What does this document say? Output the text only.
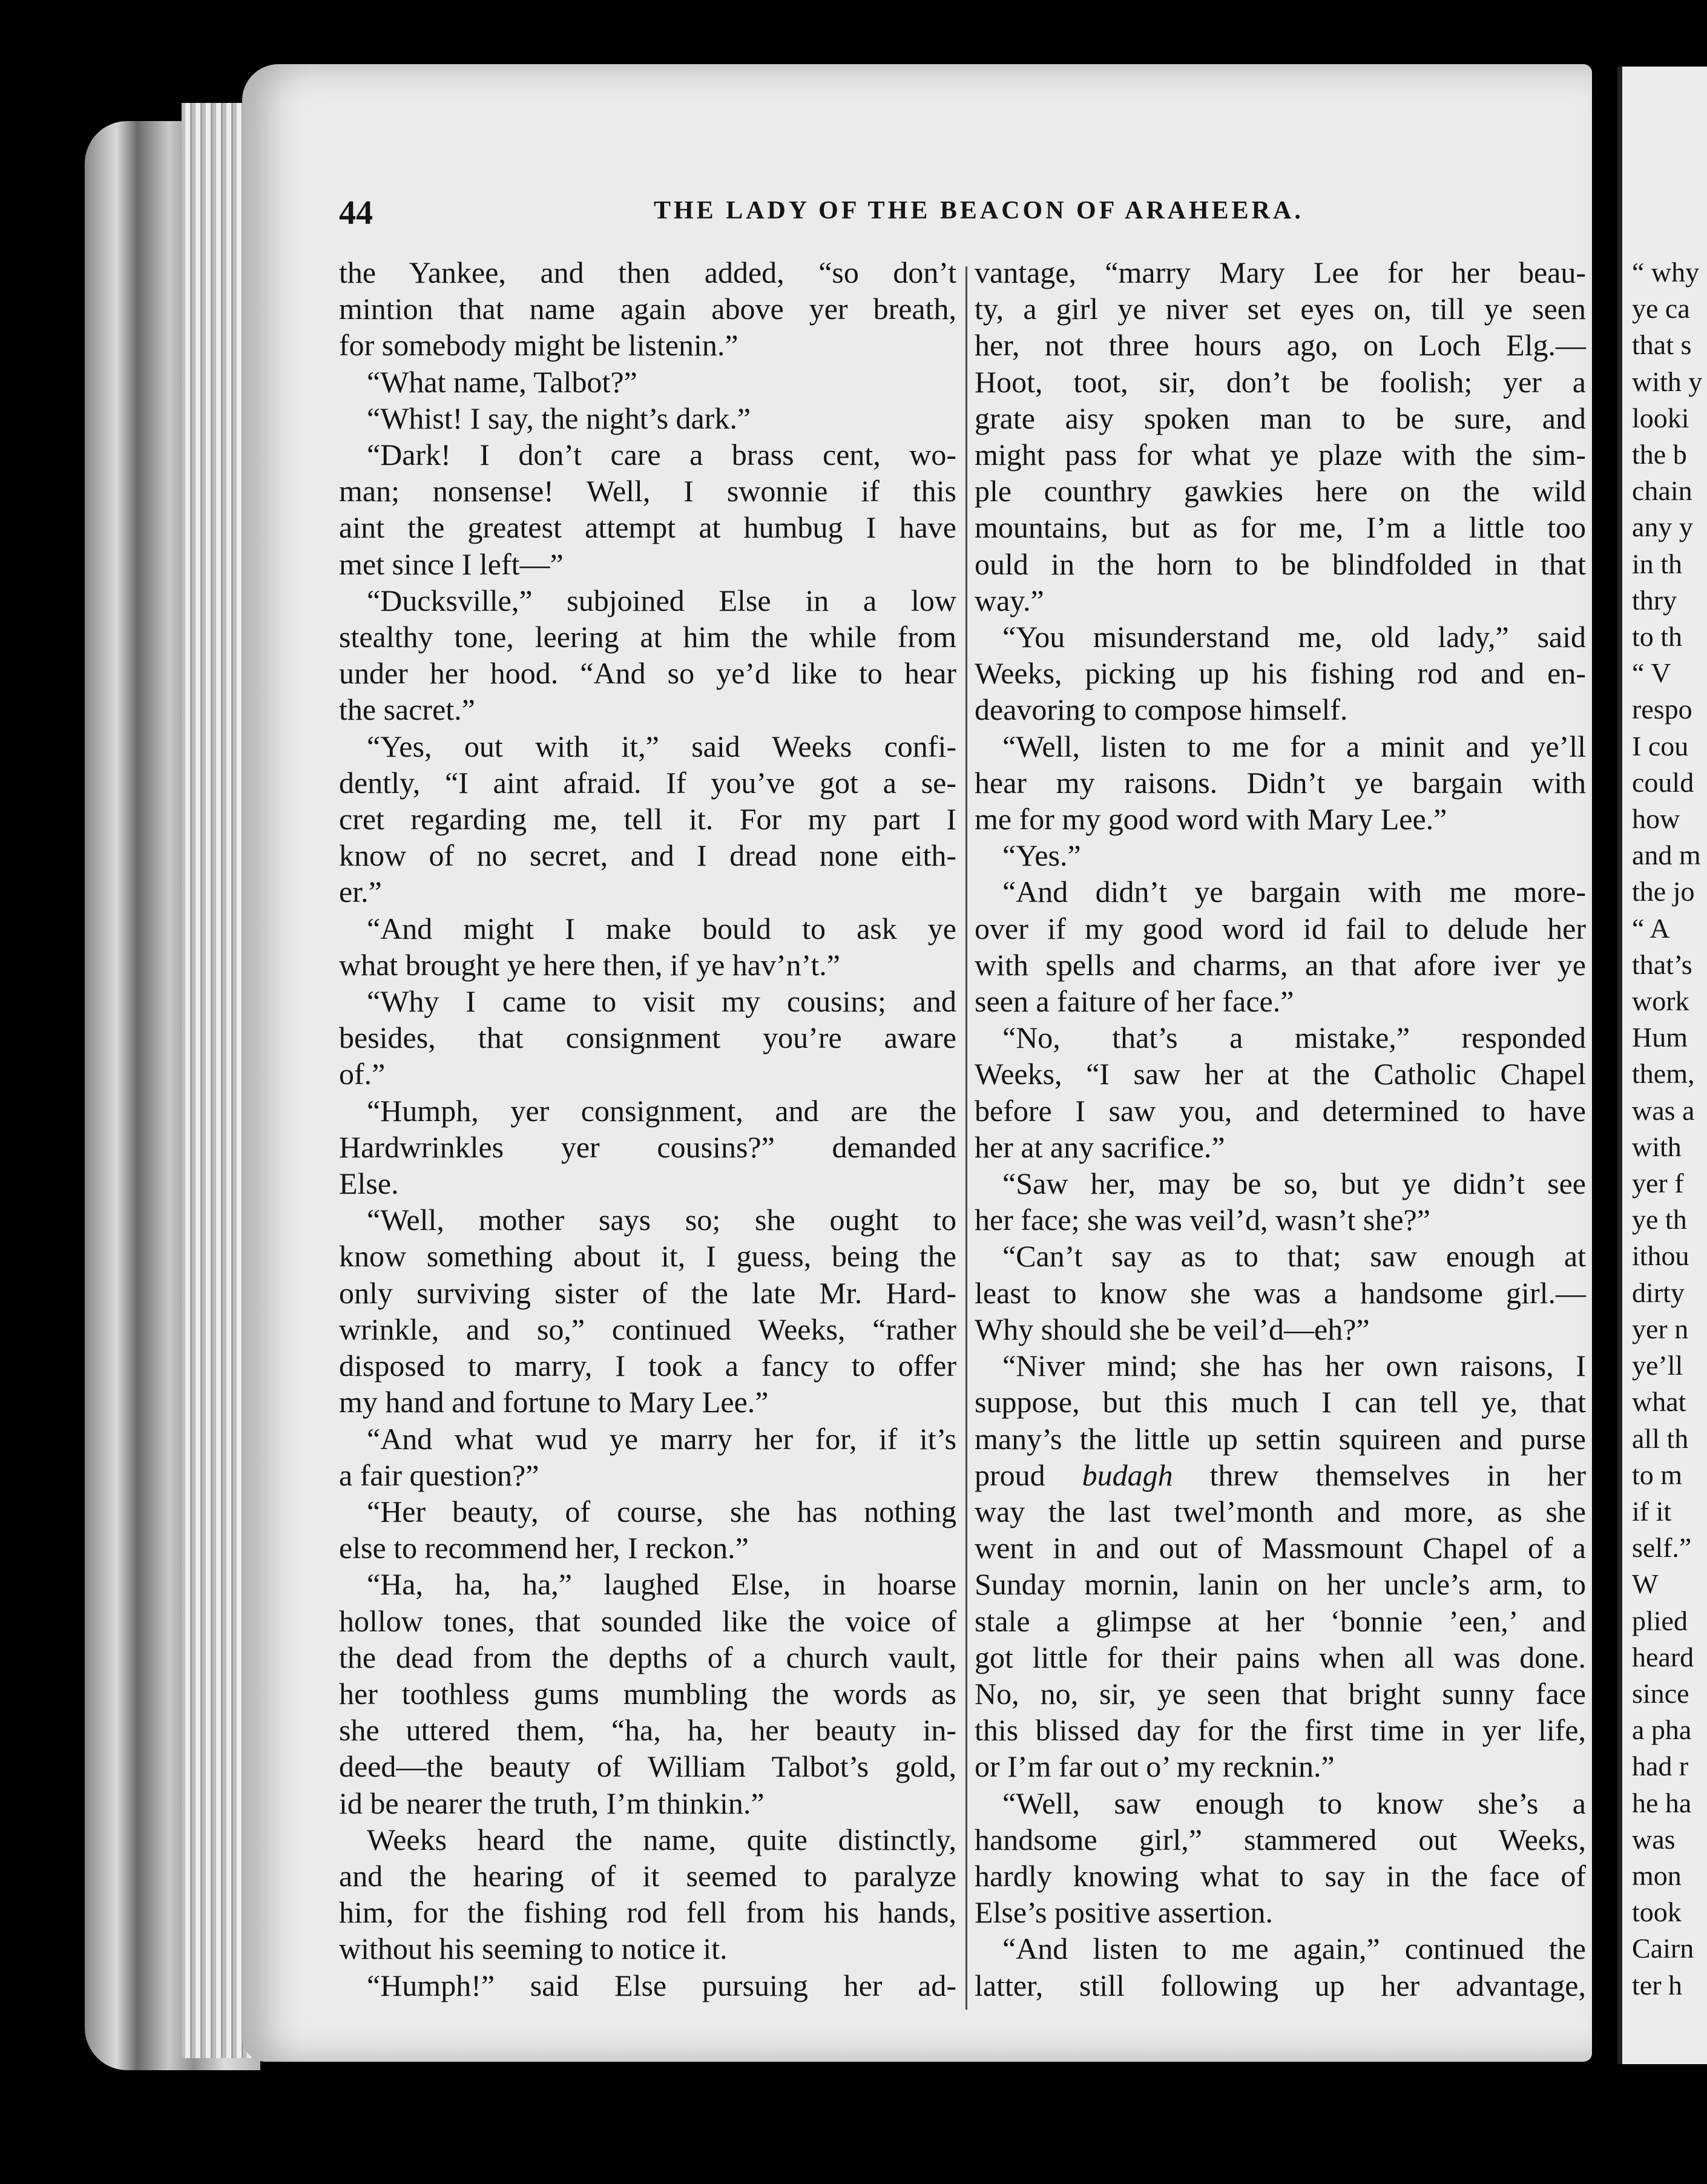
“ why
ye ca
that s
with y
looki
the b
chain
any y
in th
thry
to th
“ V
respo
I cou
could
how
and m
the jo
“ A
that’s
work
Hum
them,
was a
with
yer f
ye th
ithou
dirty
yer n
ye’ll
what
all th
to m
if it
self.”
W
plied
heard
since
a pha
had r
he ha
was
mon
took
Cairn
ter h
44	THE LADY OF THE BEACON OF ARAHEERA.
the Yankee, and then added, “so don’t
mintion that name again above yer breath,
for somebody might be listenin.”
“What name, Talbot?”
“Whist! I say, the night’s dark.”
“Dark! I don’t care a brass cent, wo-
man; nonsense! Well, I swonnie if this
aint the greatest attempt at humbug I have
met since I left—”
“Ducksville,” subjoined Else in a low
stealthy tone, leering at him the while from
under her hood. “And so ye’d like to hear
the sacret.”
“Yes, out with it,” said Weeks confi-
dently, “I aint afraid. If you’ve got a se-
cret regarding me, tell it. For my part I
know of no secret, and I dread none eith-
er.”
“And might I make bould to ask ye
what brought ye here then, if ye hav’n’t.”
“Why I came to visit my cousins; and
besides, that consignment you’re aware
of.”
“Humph, yer consignment, and are the
Hardwrinkles yer cousins?” demanded
Else.
“Well, mother says so; she ought to
know something about it, I guess, being the
only surviving sister of the late Mr. Hard-
wrinkle, and so,” continued Weeks, “rather
disposed to marry, I took a fancy to offer
my hand and fortune to Mary Lee.”
“And what wud ye marry her for, if it’s
a fair question?”
“Her beauty, of course, she has nothing
else to recommend her, I reckon.”
“Ha, ha, ha,” laughed Else, in hoarse
hollow tones, that sounded like the voice of
the dead from the depths of a church vault,
her toothless gums mumbling the words as
she uttered them, “ha, ha, her beauty in-
deed—the beauty of William Talbot’s gold,
id be nearer the truth, I’m thinkin.”
Weeks heard the name, quite distinctly,
and the hearing of it seemed to paralyze
him, for the fishing rod fell from his hands,
without his seeming to notice it.
“Humph!” said Else pursuing her ad-
vantage, “marry Mary Lee for her beau-
ty, a girl ye niver set eyes on, till ye seen
her, not three hours ago, on Loch Elg.—
Hoot, toot, sir, don’t be foolish; yer a
grate aisy spoken man to be sure, and
might pass for what ye plaze with the sim-
ple counthry gawkies here on the wild
mountains, but as for me, I’m a little too
ould in the horn to be blindfolded in that
way.”
“You misunderstand me, old lady,” said
Weeks, picking up his fishing rod and en-
deavoring to compose himself.
“Well, listen to me for a minit and ye’ll
hear my raisons. Didn’t ye bargain with
me for my good word with Mary Lee.”
“Yes.”
“And didn’t ye bargain with me more-
over if my good word id fail to delude her
with spells and charms, an that afore iver ye
seen a faiture of her face.”
“No, that’s a mistake,” responded
Weeks, “I saw her at the Catholic Chapel
before I saw you, and determined to have
her at any sacrifice.”
“Saw her, may be so, but ye didn’t see
her face; she was veil’d, wasn’t she?”
“Can’t say as to that; saw enough at
least to know she was a handsome girl.—
Why should she be veil’d—eh?”
“Niver mind; she has her own raisons, I
suppose, but this much I can tell ye, that
many’s the little up settin squireen and purse
proud budagh threw themselves in her
way the last twel’month and more, as she
went in and out of Massmount Chapel of a
Sunday mornin, lanin on her uncle’s arm, to
stale a glimpse at her ‘bonnie ’een,’ and
got little for their pains when all was done.
No, no, sir, ye seen that bright sunny face
this blissed day for the first time in yer life,
or I’m far out o’ my recknin.”
“Well, saw enough to know she’s a
handsome girl,” stammered out Weeks,
hardly knowing what to say in the face of
Else’s positive assertion.
“And listen to me again,” continued the
latter, still following up her advantage,
